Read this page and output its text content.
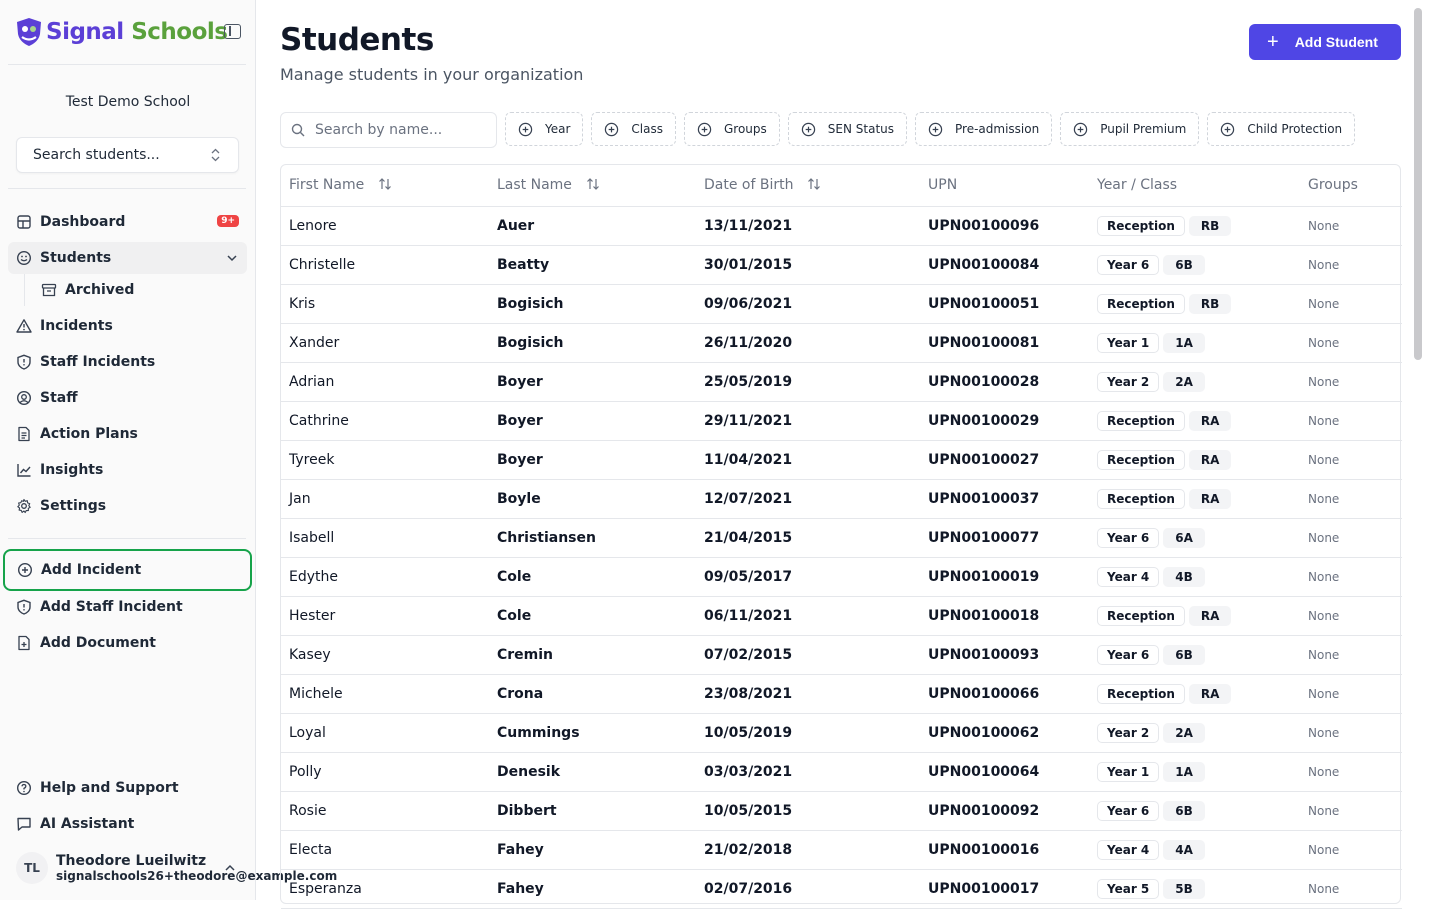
Signal Schools
Test Demo School
Search students...
Dashboard	9+
Students
Archived
Incidents
Staff Incidents
Staff
Action Plans
Insights
Settings
Add Incident
Add Staff Incident
Add Document
Help and Support
AI Assistant
TL	Theodore Lueilwitz
signalschools26+theodore@example.com
Students

Manage students in your organization

+ Add Student
Search by name...	Year	Class	Groups	SEN Status	Pre-admission	Pupil Premium	Child Protection
First Name	Last Name	Date of Birth	UPN	Year / Class	Groups
Lenore	Auer	13/11/2021	UPN00100096	Reception RB	None
Christelle	Beatty	30/01/2015	UPN00100084	Year 6 6B	None
Kris	Bogisich	09/06/2021	UPN00100051	Reception RB	None
Xander	Bogisich	26/11/2020	UPN00100081	Year 1 1A	None
Adrian	Boyer	25/05/2019	UPN00100028	Year 2 2A	None
Cathrine	Boyer	29/11/2021	UPN00100029	Reception RA	None
Tyreek	Boyer	11/04/2021	UPN00100027	Reception RA	None
Jan	Boyle	12/07/2021	UPN00100037	Reception RA	None
Isabell	Christiansen	21/04/2015	UPN00100077	Year 6 6A	None
Edythe	Cole	09/05/2017	UPN00100019	Year 4 4B	None
Hester	Cole	06/11/2021	UPN00100018	Reception RA	None
Kasey	Cremin	07/02/2015	UPN00100093	Year 6 6B	None
Michele	Crona	23/08/2021	UPN00100066	Reception RA	None
Loyal	Cummings	10/05/2019	UPN00100062	Year 2 2A	None
Polly	Denesik	03/03/2021	UPN00100064	Year 1 1A	None
Rosie	Dibbert	10/05/2015	UPN00100092	Year 6 6B	None
Electa	Fahey	21/02/2018	UPN00100016	Year 4 4A	None
Esperanza	Fahey	02/07/2016	UPN00100017	Year 5 5B	None
